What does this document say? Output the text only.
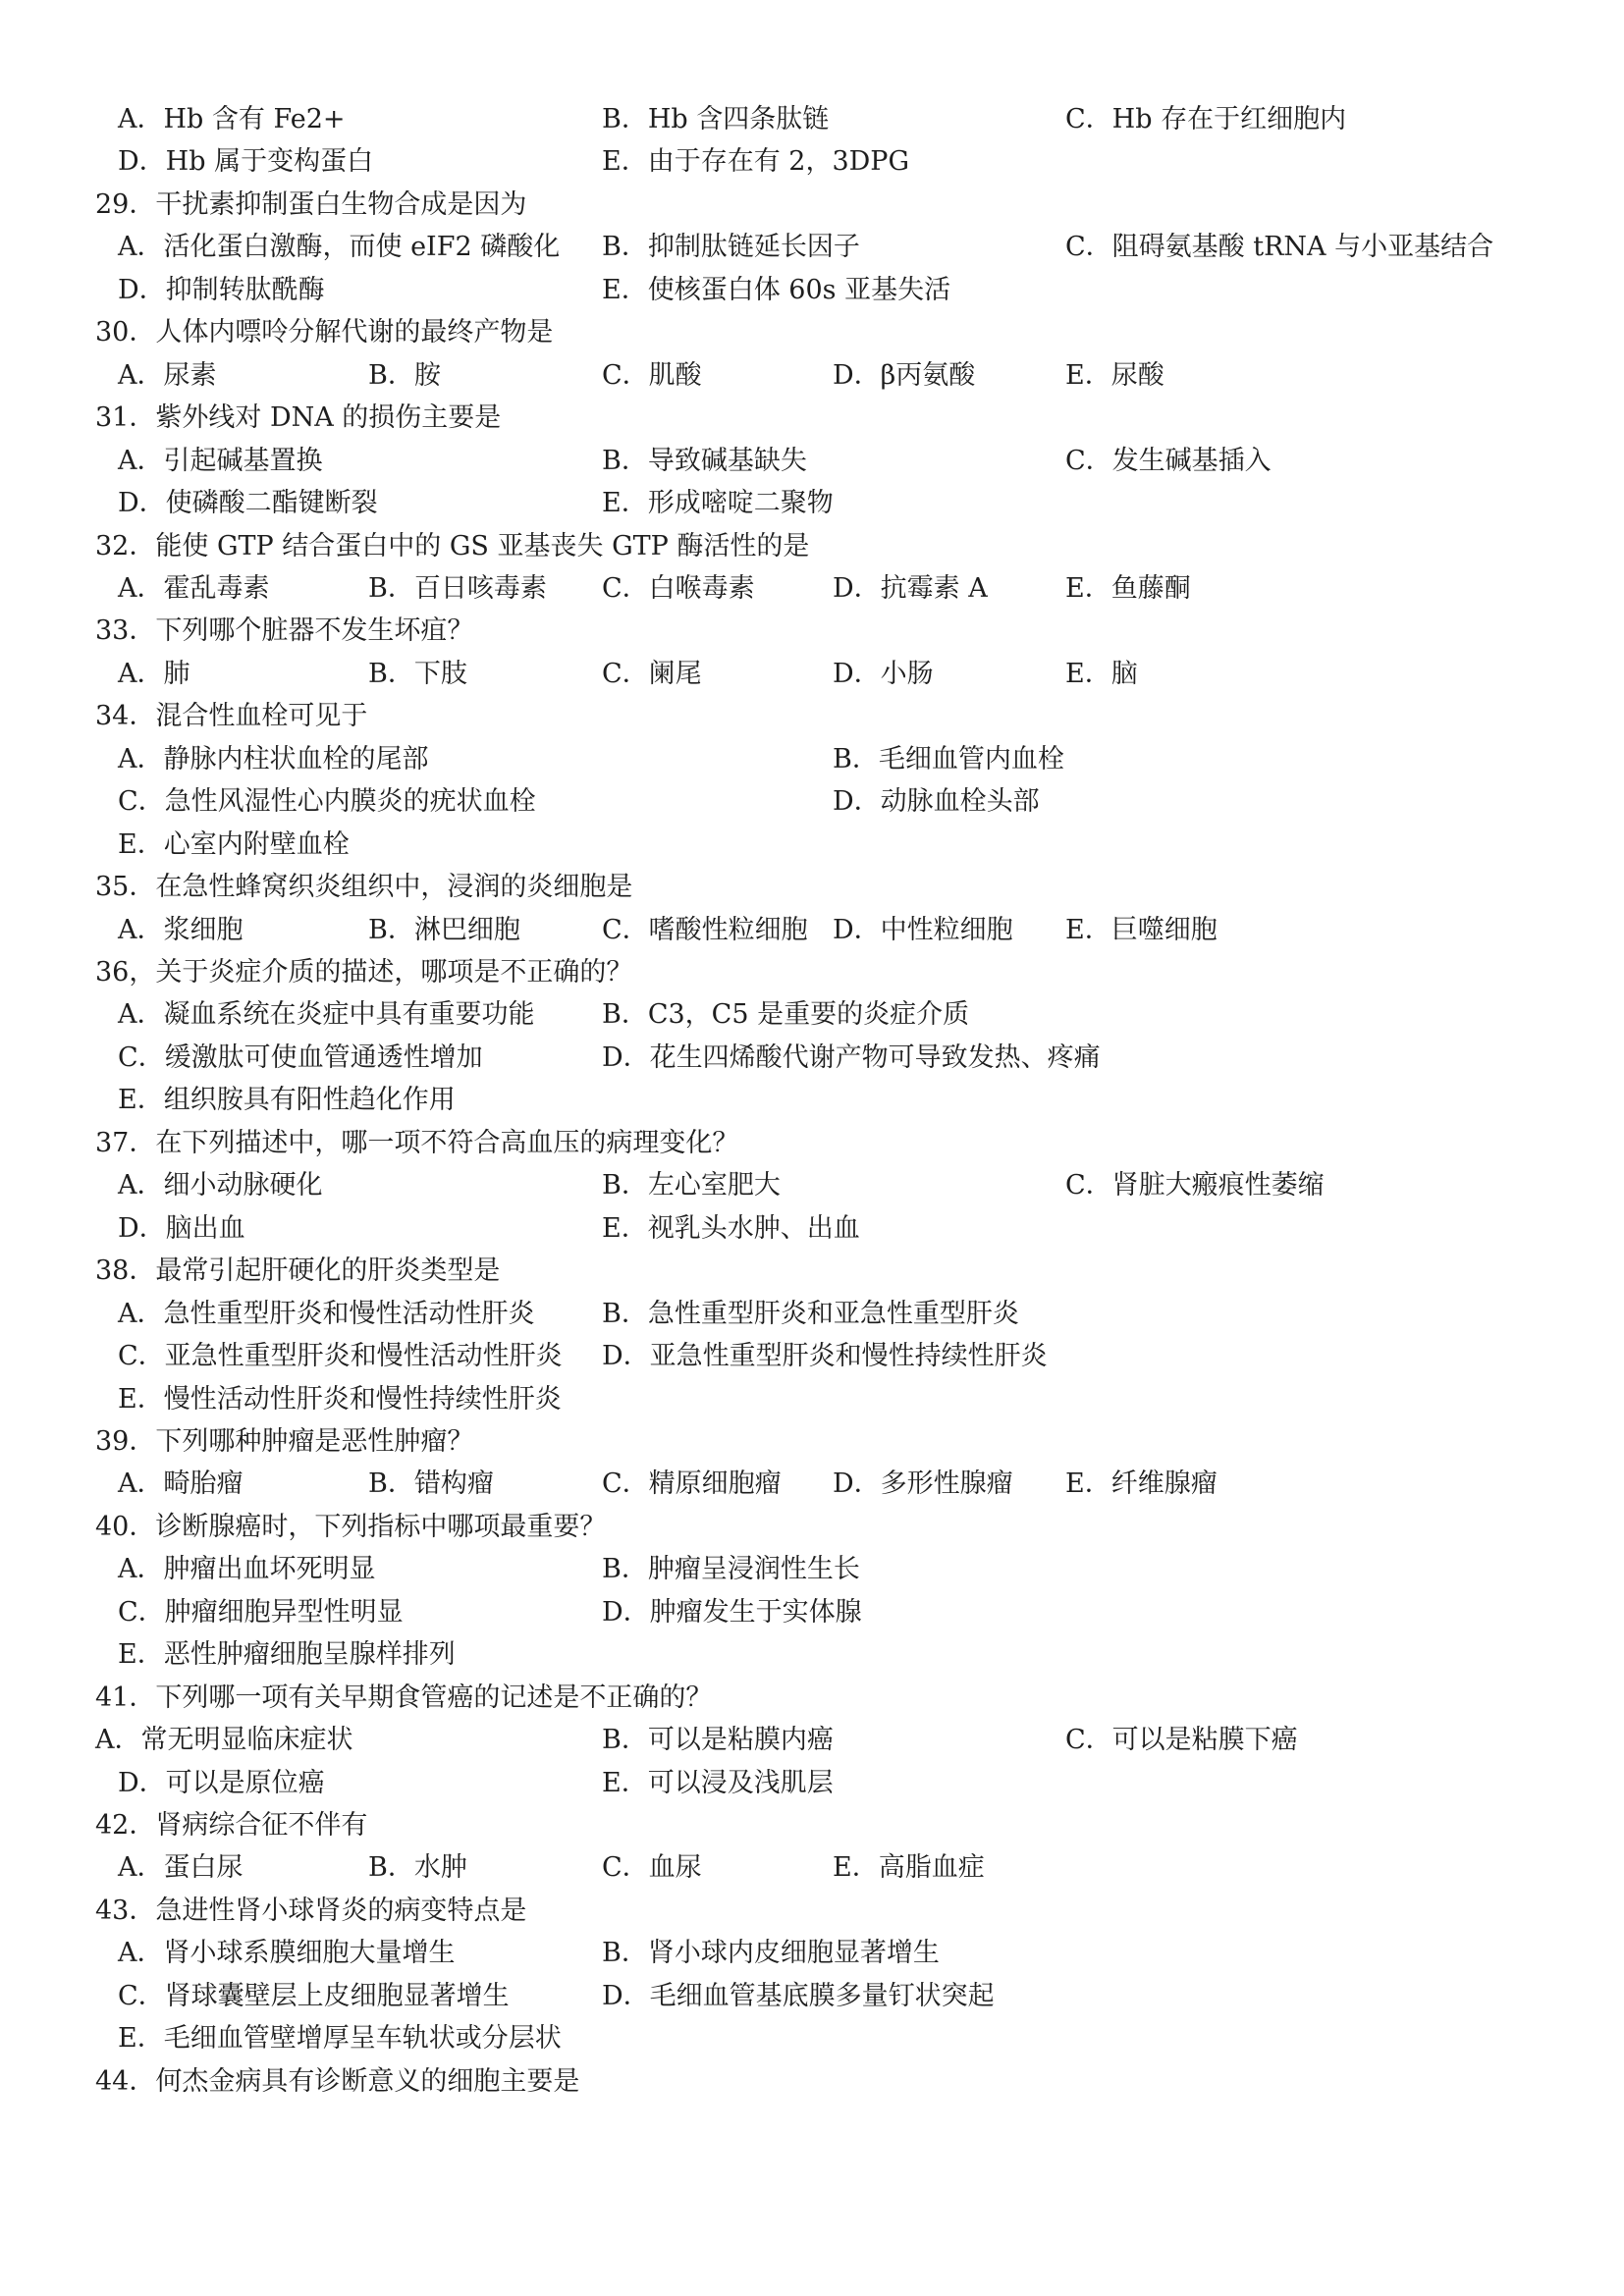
A．Hb 含有 Fe2+	B．Hb 含四条肽链	C．Hb 存在于红细胞内
D．Hb 属于变构蛋白	E．由于存在有 2，3DPG
29．干扰素抑制蛋白生物合成是因为
A．活化蛋白激酶，而使 eIF2 磷酸化 B．抑制肽链延长因子	C．阻碍氨基酸 tRNA 与小亚基结合
D．抑制转肽酰酶	E．使核蛋白体 60s 亚基失活
30．人体内嘌呤分解代谢的最终产物是
A．尿素	B．胺	C．肌酸	D．β丙氨酸	E．尿酸
31．紫外线对 DNA 的损伤主要是
A．引起碱基置换	B．导致碱基缺失	C．发生碱基插入
D．使磷酸二酯键断裂	E．形成嘧啶二聚物
32．能使 GTP 结合蛋白中的 GS 亚基丧失 GTP 酶活性的是
A．霍乱毒素	B．百日咳毒素 C．白喉毒素	D．抗霉素 A	E．鱼藤酮
33．下列哪个脏器不发生坏疽？
A．肺	B．下肢	C．阑尾	D．小肠	E．脑
34．混合性血栓可见于
A．静脉内柱状血栓的尾部	B．毛细血管内血栓
C．急性风湿性心内膜炎的疣状血栓	D．动脉血栓头部
E．心室内附壁血栓
35．在急性蜂窝织炎组织中，浸润的炎细胞是
A．浆细胞	B．淋巴细胞	C．嗜酸性粒细胞 D．中性粒细胞 E．巨噬细胞
36，关于炎症介质的描述，哪项是不正确的？
A．凝血系统在炎症中具有重要功能	B．C3，C5 是重要的炎症介质
C．缓激肽可使血管通透性增加	D．花生四烯酸代谢产物可导致发热、疼痛
E．组织胺具有阳性趋化作用
37．在下列描述中，哪一项不符合高血压的病理变化？
A．细小动脉硬化	B．左心室肥大	C．肾脏大瘢痕性萎缩
D．脑出血	E．视乳头水肿、出血
38．最常引起肝硬化的肝炎类型是
A．急性重型肝炎和慢性活动性肝炎	B．急性重型肝炎和亚急性重型肝炎
C．亚急性重型肝炎和慢性活动性肝炎 D．亚急性重型肝炎和慢性持续性肝炎
E．慢性活动性肝炎和慢性持续性肝炎
39．下列哪种肿瘤是恶性肿瘤？
A．畸胎瘤	B．错构瘤	C．精原细胞瘤 D．多形性腺瘤 E．纤维腺瘤
40．诊断腺癌时，下列指标中哪项最重要？
A．肿瘤出血坏死明显	B．肿瘤呈浸润性生长
C．肿瘤细胞异型性明显	D．肿瘤发生于实体腺
E．恶性肿瘤细胞呈腺样排列
41．下列哪一项有关早期食管癌的记述是不正确的？
A．常无明显临床症状	B．可以是粘膜内癌	C．可以是粘膜下癌
D．可以是原位癌	E．可以浸及浅肌层
42．肾病综合征不伴有
A．蛋白尿	B．水肿	C．血尿	E．高脂血症
43．急进性肾小球肾炎的病变特点是
A．肾小球系膜细胞大量增生	B．肾小球内皮细胞显著增生
C．肾球囊壁层上皮细胞显著增生	D．毛细血管基底膜多量钉状突起
E．毛细血管壁增厚呈车轨状或分层状
44．何杰金病具有诊断意义的细胞主要是
